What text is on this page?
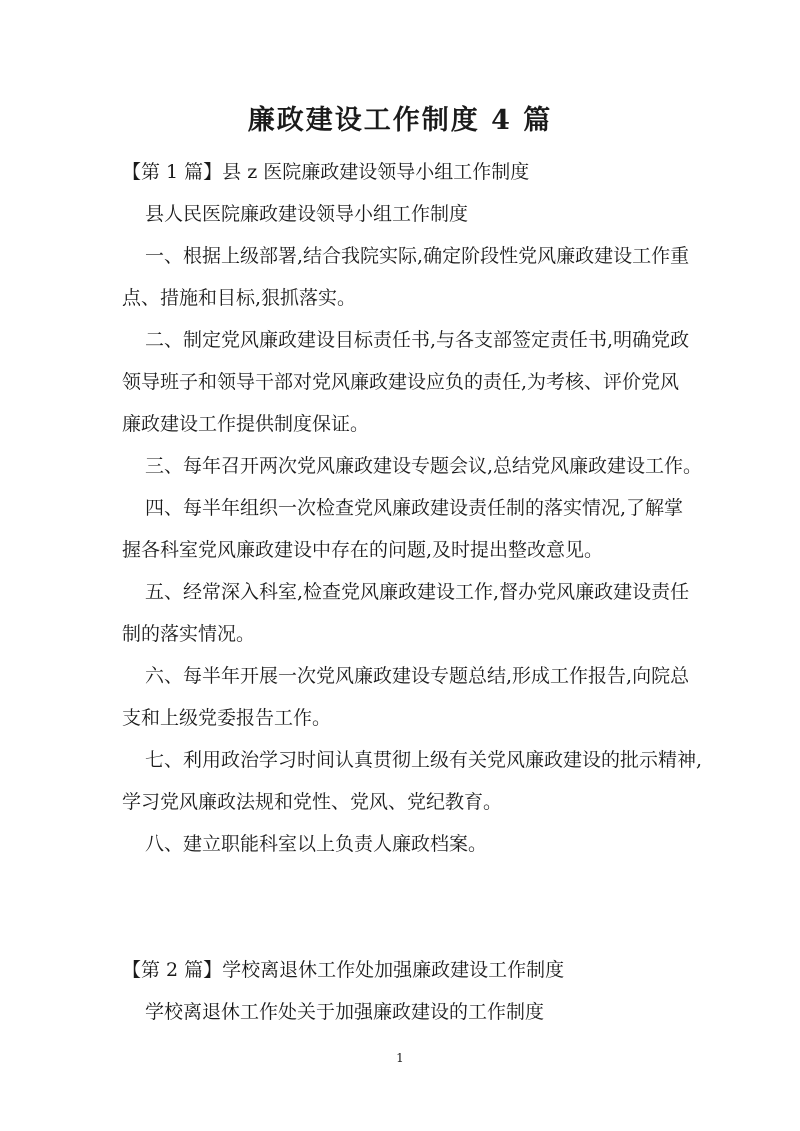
廉政建设工作制度 4 篇
【第 1 篇】县 z 医院廉政建设领导小组工作制度
县人民医院廉政建设领导小组工作制度
一、根据上级部署,结合我院实际,确定阶段性党风廉政建设工作重
点、措施和目标,狠抓落实。
二、制定党风廉政建设目标责任书,与各支部签定责任书,明确党政
领导班子和领导干部对党风廉政建设应负的责任,为考核、评价党风
廉政建设工作提供制度保证。
三、每年召开两次党风廉政建设专题会议,总结党风廉政建设工作。
四、每半年组织一次检查党风廉政建设责任制的落实情况,了解掌
握各科室党风廉政建设中存在的问题,及时提出整改意见。
五、经常深入科室,检查党风廉政建设工作,督办党风廉政建设责任
制的落实情况。
六、每半年开展一次党风廉政建设专题总结,形成工作报告,向院总
支和上级党委报告工作。
七、利用政治学习时间认真贯彻上级有关党风廉政建设的批示精神,
学习党风廉政法规和党性、党风、党纪教育。
八、建立职能科室以上负责人廉政档案。
【第 2 篇】学校离退休工作处加强廉政建设工作制度
学校离退休工作处关于加强廉政建设的工作制度
1
